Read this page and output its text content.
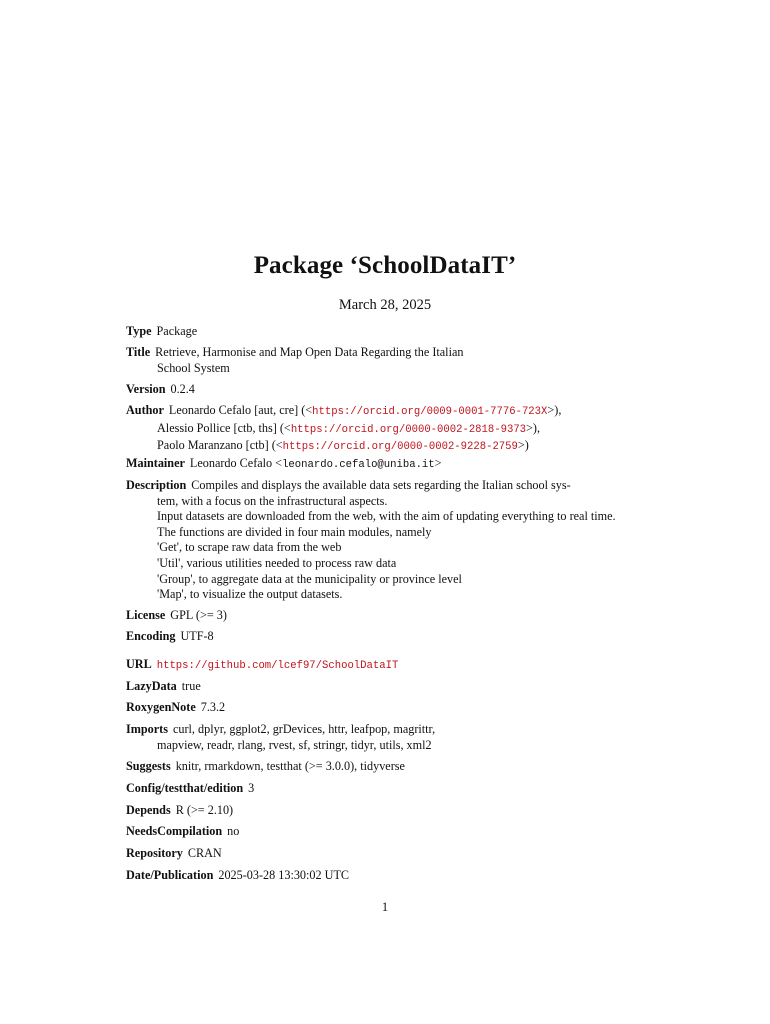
Package ‘SchoolDataIT’
March 28, 2025
Type Package
Title Retrieve, Harmonise and Map Open Data Regarding the Italian
School System
Version 0.2.4
Author Leonardo Cefalo [aut, cre] (<https://orcid.org/0009-0001-7776-723X>),
Alessio Pollice [ctb, ths] (<https://orcid.org/0000-0002-2818-9373>),
Paolo Maranzano [ctb] (<https://orcid.org/0000-0002-9228-2759>)
Maintainer Leonardo Cefalo <leonardo.cefalo@uniba.it>
Description Compiles and displays the available data sets regarding the Italian school sys-
tem, with a focus on the infrastructural aspects.
Input datasets are downloaded from the web, with the aim of updating everything to real time.
The functions are divided in four main modules, namely
'Get', to scrape raw data from the web
'Util', various utilities needed to process raw data
'Group', to aggregate data at the municipality or province level
'Map', to visualize the output datasets.
License GPL (>= 3)
Encoding UTF-8
URL https://github.com/lcef97/SchoolDataIT
LazyData true
RoxygenNote 7.3.2
Imports curl, dplyr, ggplot2, grDevices, httr, leafpop, magrittr,
mapview, readr, rlang, rvest, sf, stringr, tidyr, utils, xml2
Suggests knitr, rmarkdown, testthat (>= 3.0.0), tidyverse
Config/testthat/edition 3
Depends R (>= 2.10)
NeedsCompilation no
Repository CRAN
Date/Publication 2025-03-28 13:30:02 UTC
1
